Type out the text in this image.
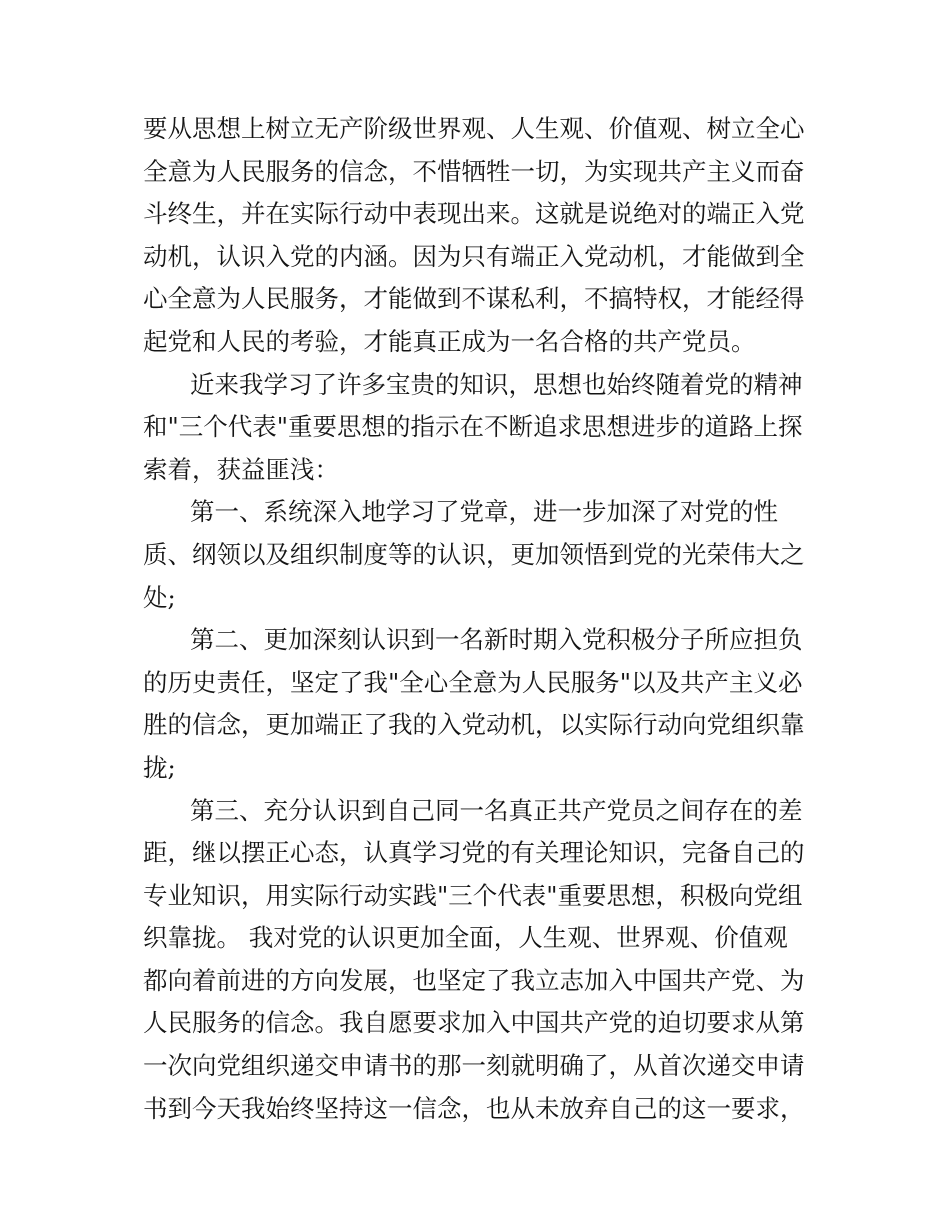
要从思想上树立无产阶级世界观、人生观、价值观、树立全心
全意为人民服务的信念，不惜牺牲一切，为实现共产主义而奋
斗终生，并在实际行动中表现出来。这就是说绝对的端正入党
动机，认识入党的内涵。因为只有端正入党动机，才能做到全
心全意为人民服务，才能做到不谋私利，不搞特权，才能经得
起党和人民的考验，才能真正成为一名合格的共产党员。
近来我学习了许多宝贵的知识，思想也始终随着党的精神
和"三个代表"重要思想的指示在不断追求思想进步的道路上探
索着，获益匪浅：
第一、系统深入地学习了党章，进一步加深了对党的性
质、纲领以及组织制度等的认识，更加领悟到党的光荣伟大之
处;
第二、更加深刻认识到一名新时期入党积极分子所应担负
的历史责任，坚定了我"全心全意为人民服务"以及共产主义必
胜的信念，更加端正了我的入党动机，以实际行动向党组织靠
拢;
第三、充分认识到自己同一名真正共产党员之间存在的差
距，继以摆正心态，认真学习党的有关理论知识，完备自己的
专业知识，用实际行动实践"三个代表"重要思想，积极向党组
织靠拢。 我对党的认识更加全面，人生观、世界观、价值观
都向着前进的方向发展，也坚定了我立志加入中国共产党、为
人民服务的信念。我自愿要求加入中国共产党的迫切要求从第
一次向党组织递交申请书的那一刻就明确了，从首次递交申请
书到今天我始终坚持这一信念，也从未放弃自己的这一要求，
